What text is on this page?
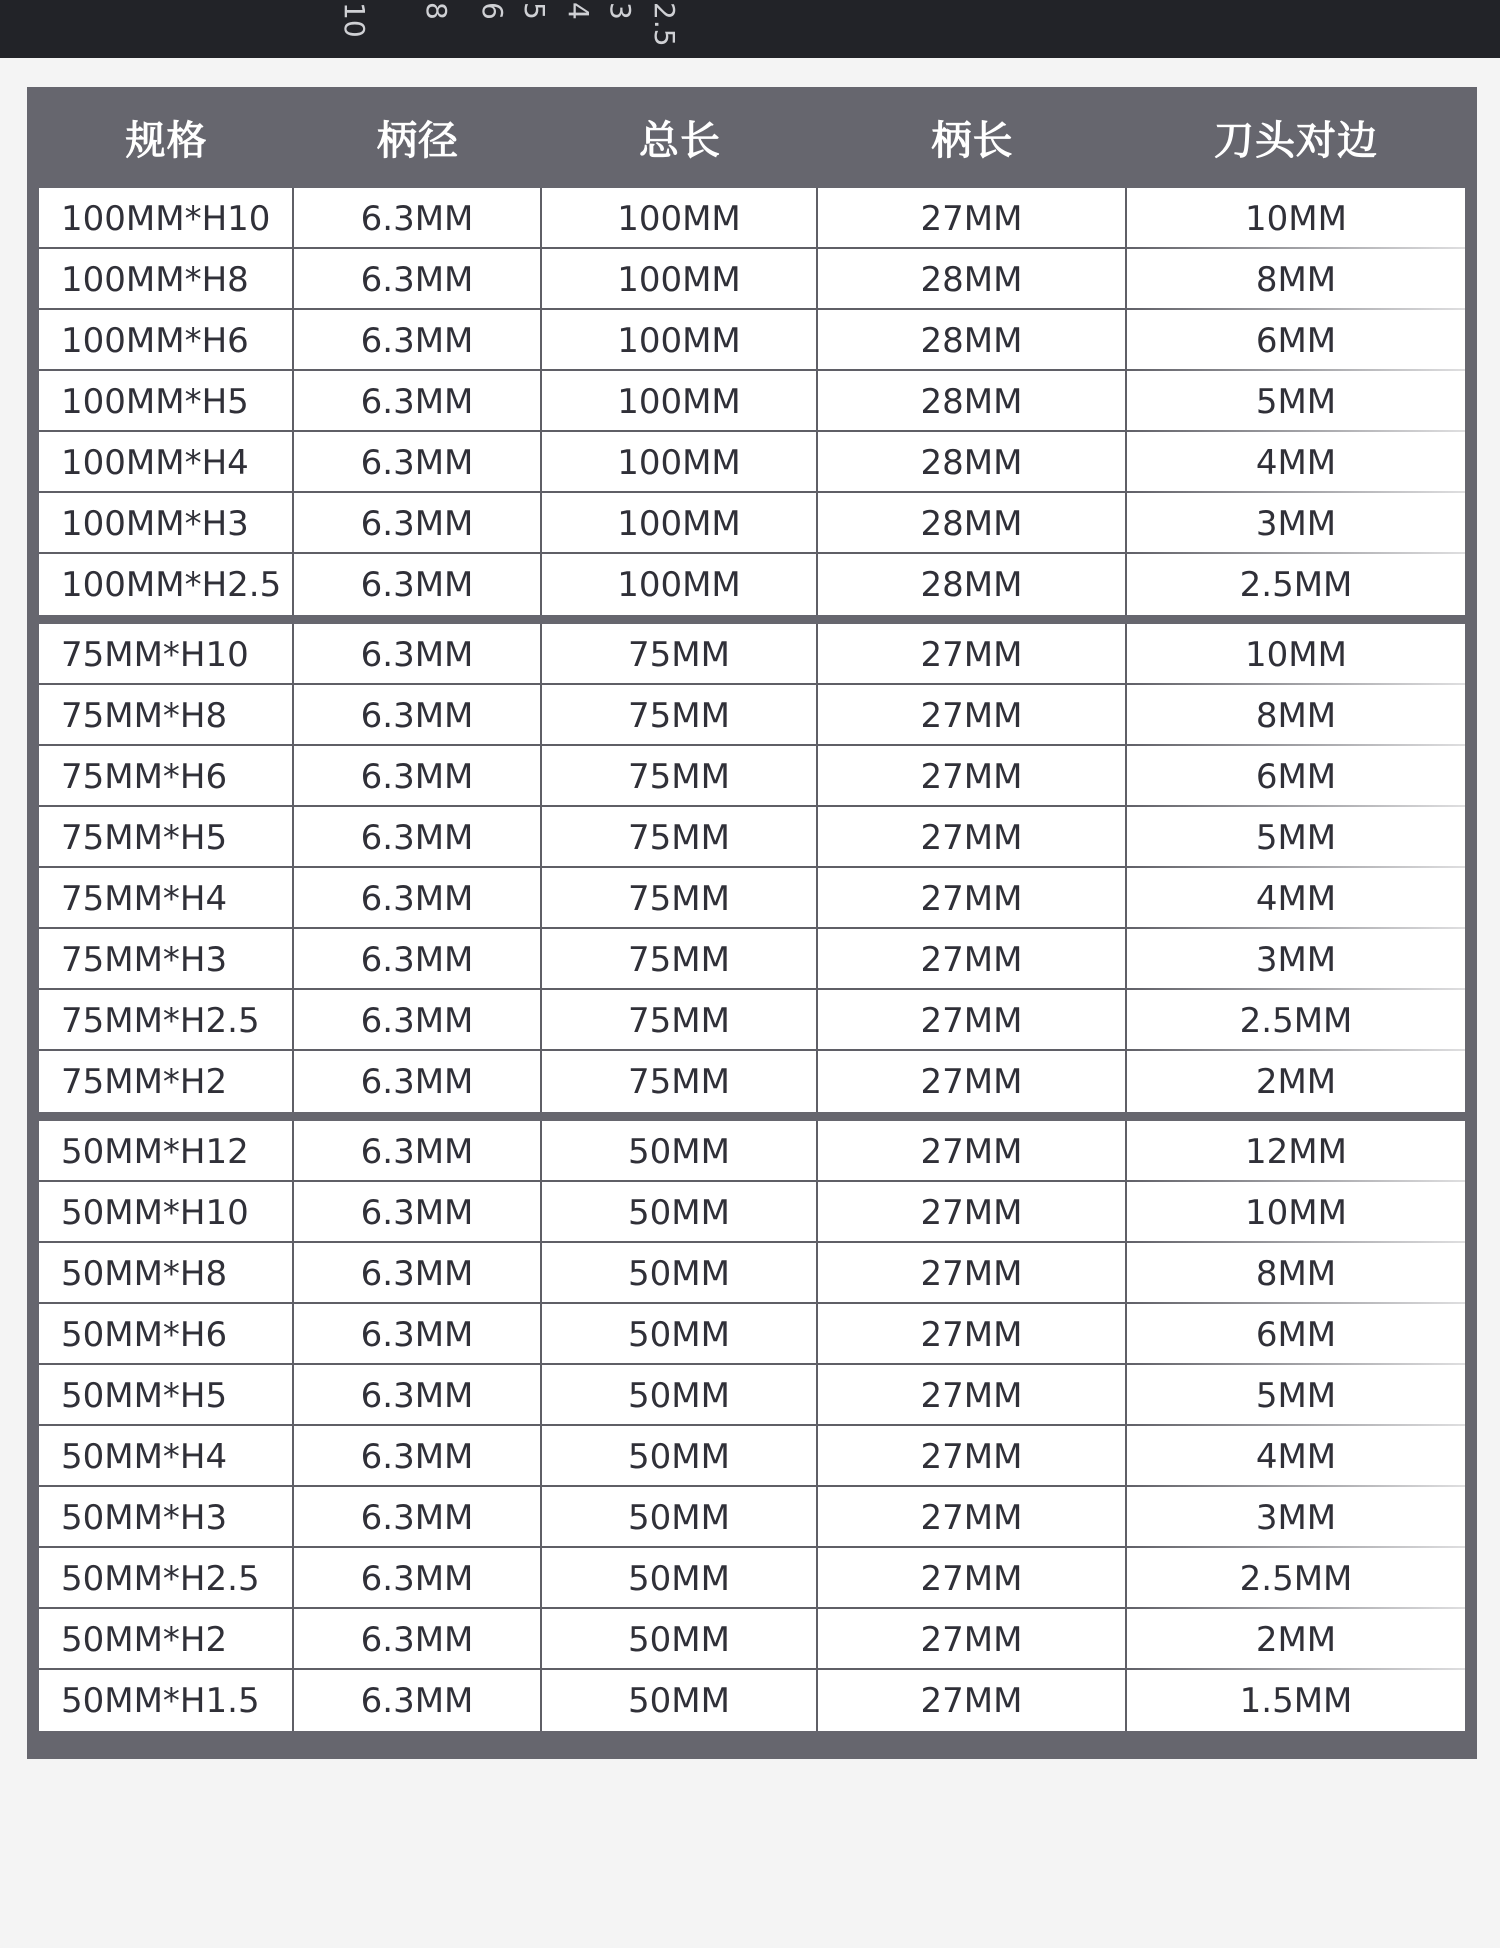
10 8 6 5 4 3 2.5
规格	柄径	总长	柄长	刀头对边
100MM*H10	6.3MM	100MM	27MM	10MM
100MM*H8	6.3MM	100MM	28MM	8MM
100MM*H6	6.3MM	100MM	28MM	6MM
100MM*H5	6.3MM	100MM	28MM	5MM
100MM*H4	6.3MM	100MM	28MM	4MM
100MM*H3	6.3MM	100MM	28MM	3MM
100MM*H2.5	6.3MM	100MM	28MM	2.5MM
75MM*H10	6.3MM	75MM	27MM	10MM
75MM*H8	6.3MM	75MM	27MM	8MM
75MM*H6	6.3MM	75MM	27MM	6MM
75MM*H5	6.3MM	75MM	27MM	5MM
75MM*H4	6.3MM	75MM	27MM	4MM
75MM*H3	6.3MM	75MM	27MM	3MM
75MM*H2.5	6.3MM	75MM	27MM	2.5MM
75MM*H2	6.3MM	75MM	27MM	2MM
50MM*H12	6.3MM	50MM	27MM	12MM
50MM*H10	6.3MM	50MM	27MM	10MM
50MM*H8	6.3MM	50MM	27MM	8MM
50MM*H6	6.3MM	50MM	27MM	6MM
50MM*H5	6.3MM	50MM	27MM	5MM
50MM*H4	6.3MM	50MM	27MM	4MM
50MM*H3	6.3MM	50MM	27MM	3MM
50MM*H2.5	6.3MM	50MM	27MM	2.5MM
50MM*H2	6.3MM	50MM	27MM	2MM
50MM*H1.5	6.3MM	50MM	27MM	1.5MM
